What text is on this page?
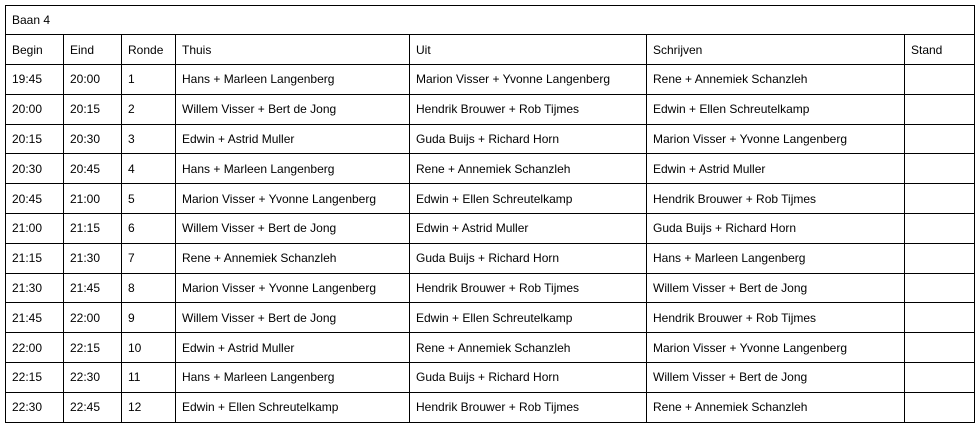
Baan 4						
Begin	Eind	Ronde	Thuis	Uit	Schrijven	Stand
19:45	20:00	1	Hans + Marleen Langenberg	Marion Visser + Yvonne Langenberg	Rene + Annemiek Schanzleh	
20:00	20:15	2	Willem Visser + Bert de Jong	Hendrik Brouwer + Rob Tijmes	Edwin + Ellen Schreutelkamp	
20:15	20:30	3	Edwin + Astrid Muller	Guda Buijs + Richard Horn	Marion Visser + Yvonne Langenberg	
20:30	20:45	4	Hans + Marleen Langenberg	Rene + Annemiek Schanzleh	Edwin + Astrid Muller	
20:45	21:00	5	Marion Visser + Yvonne Langenberg	Edwin + Ellen Schreutelkamp	Hendrik Brouwer + Rob Tijmes	
21:00	21:15	6	Willem Visser + Bert de Jong	Edwin + Astrid Muller	Guda Buijs + Richard Horn	
21:15	21:30	7	Rene + Annemiek Schanzleh	Guda Buijs + Richard Horn	Hans + Marleen Langenberg	
21:30	21:45	8	Marion Visser + Yvonne Langenberg	Hendrik Brouwer + Rob Tijmes	Willem Visser + Bert de Jong	
21:45	22:00	9	Willem Visser + Bert de Jong	Edwin + Ellen Schreutelkamp	Hendrik Brouwer + Rob Tijmes	
22:00	22:15	10	Edwin + Astrid Muller	Rene + Annemiek Schanzleh	Marion Visser + Yvonne Langenberg	
22:15	22:30	11	Hans + Marleen Langenberg	Guda Buijs + Richard Horn	Willem Visser + Bert de Jong	
22:30	22:45	12	Edwin + Ellen Schreutelkamp	Hendrik Brouwer + Rob Tijmes	Rene + Annemiek Schanzleh	
